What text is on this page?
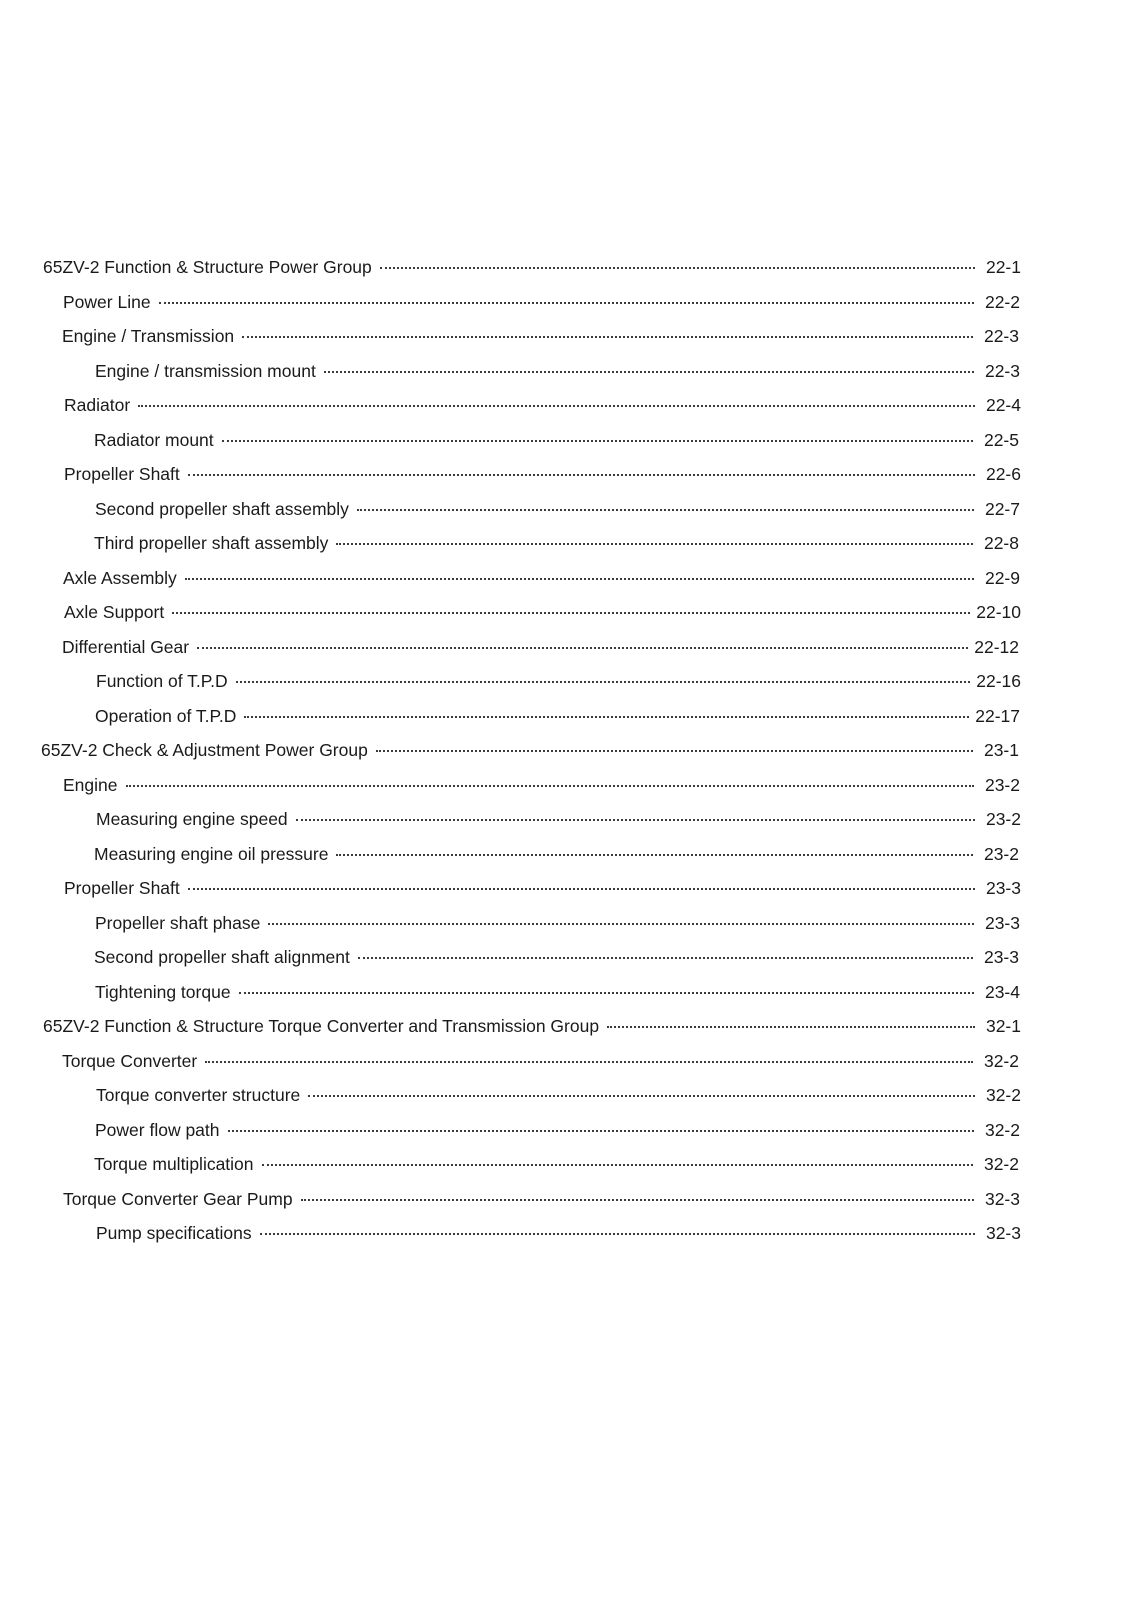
65ZV-2 Function & Structure Power Group	22-1
Power Line	22-2
Engine / Transmission	22-3
Engine / transmission mount	22-3
Radiator	22-4
Radiator mount	22-5
Propeller Shaft	22-6
Second propeller shaft assembly	22-7
Third propeller shaft assembly	22-8
Axle Assembly	22-9
Axle Support	22-10
Differential Gear	22-12
Function of T.P.D	22-16
Operation of T.P.D	22-17
65ZV-2 Check & Adjustment Power Group	23-1
Engine	23-2
Measuring engine speed	23-2
Measuring engine oil pressure	23-2
Propeller Shaft	23-3
Propeller shaft phase	23-3
Second propeller shaft alignment	23-3
Tightening torque	23-4
65ZV-2 Function & Structure Torque Converter and Transmission Group	32-1
Torque Converter	32-2
Torque converter structure	32-2
Power flow path	32-2
Torque multiplication	32-2
Torque Converter Gear Pump	32-3
Pump specifications	32-3
